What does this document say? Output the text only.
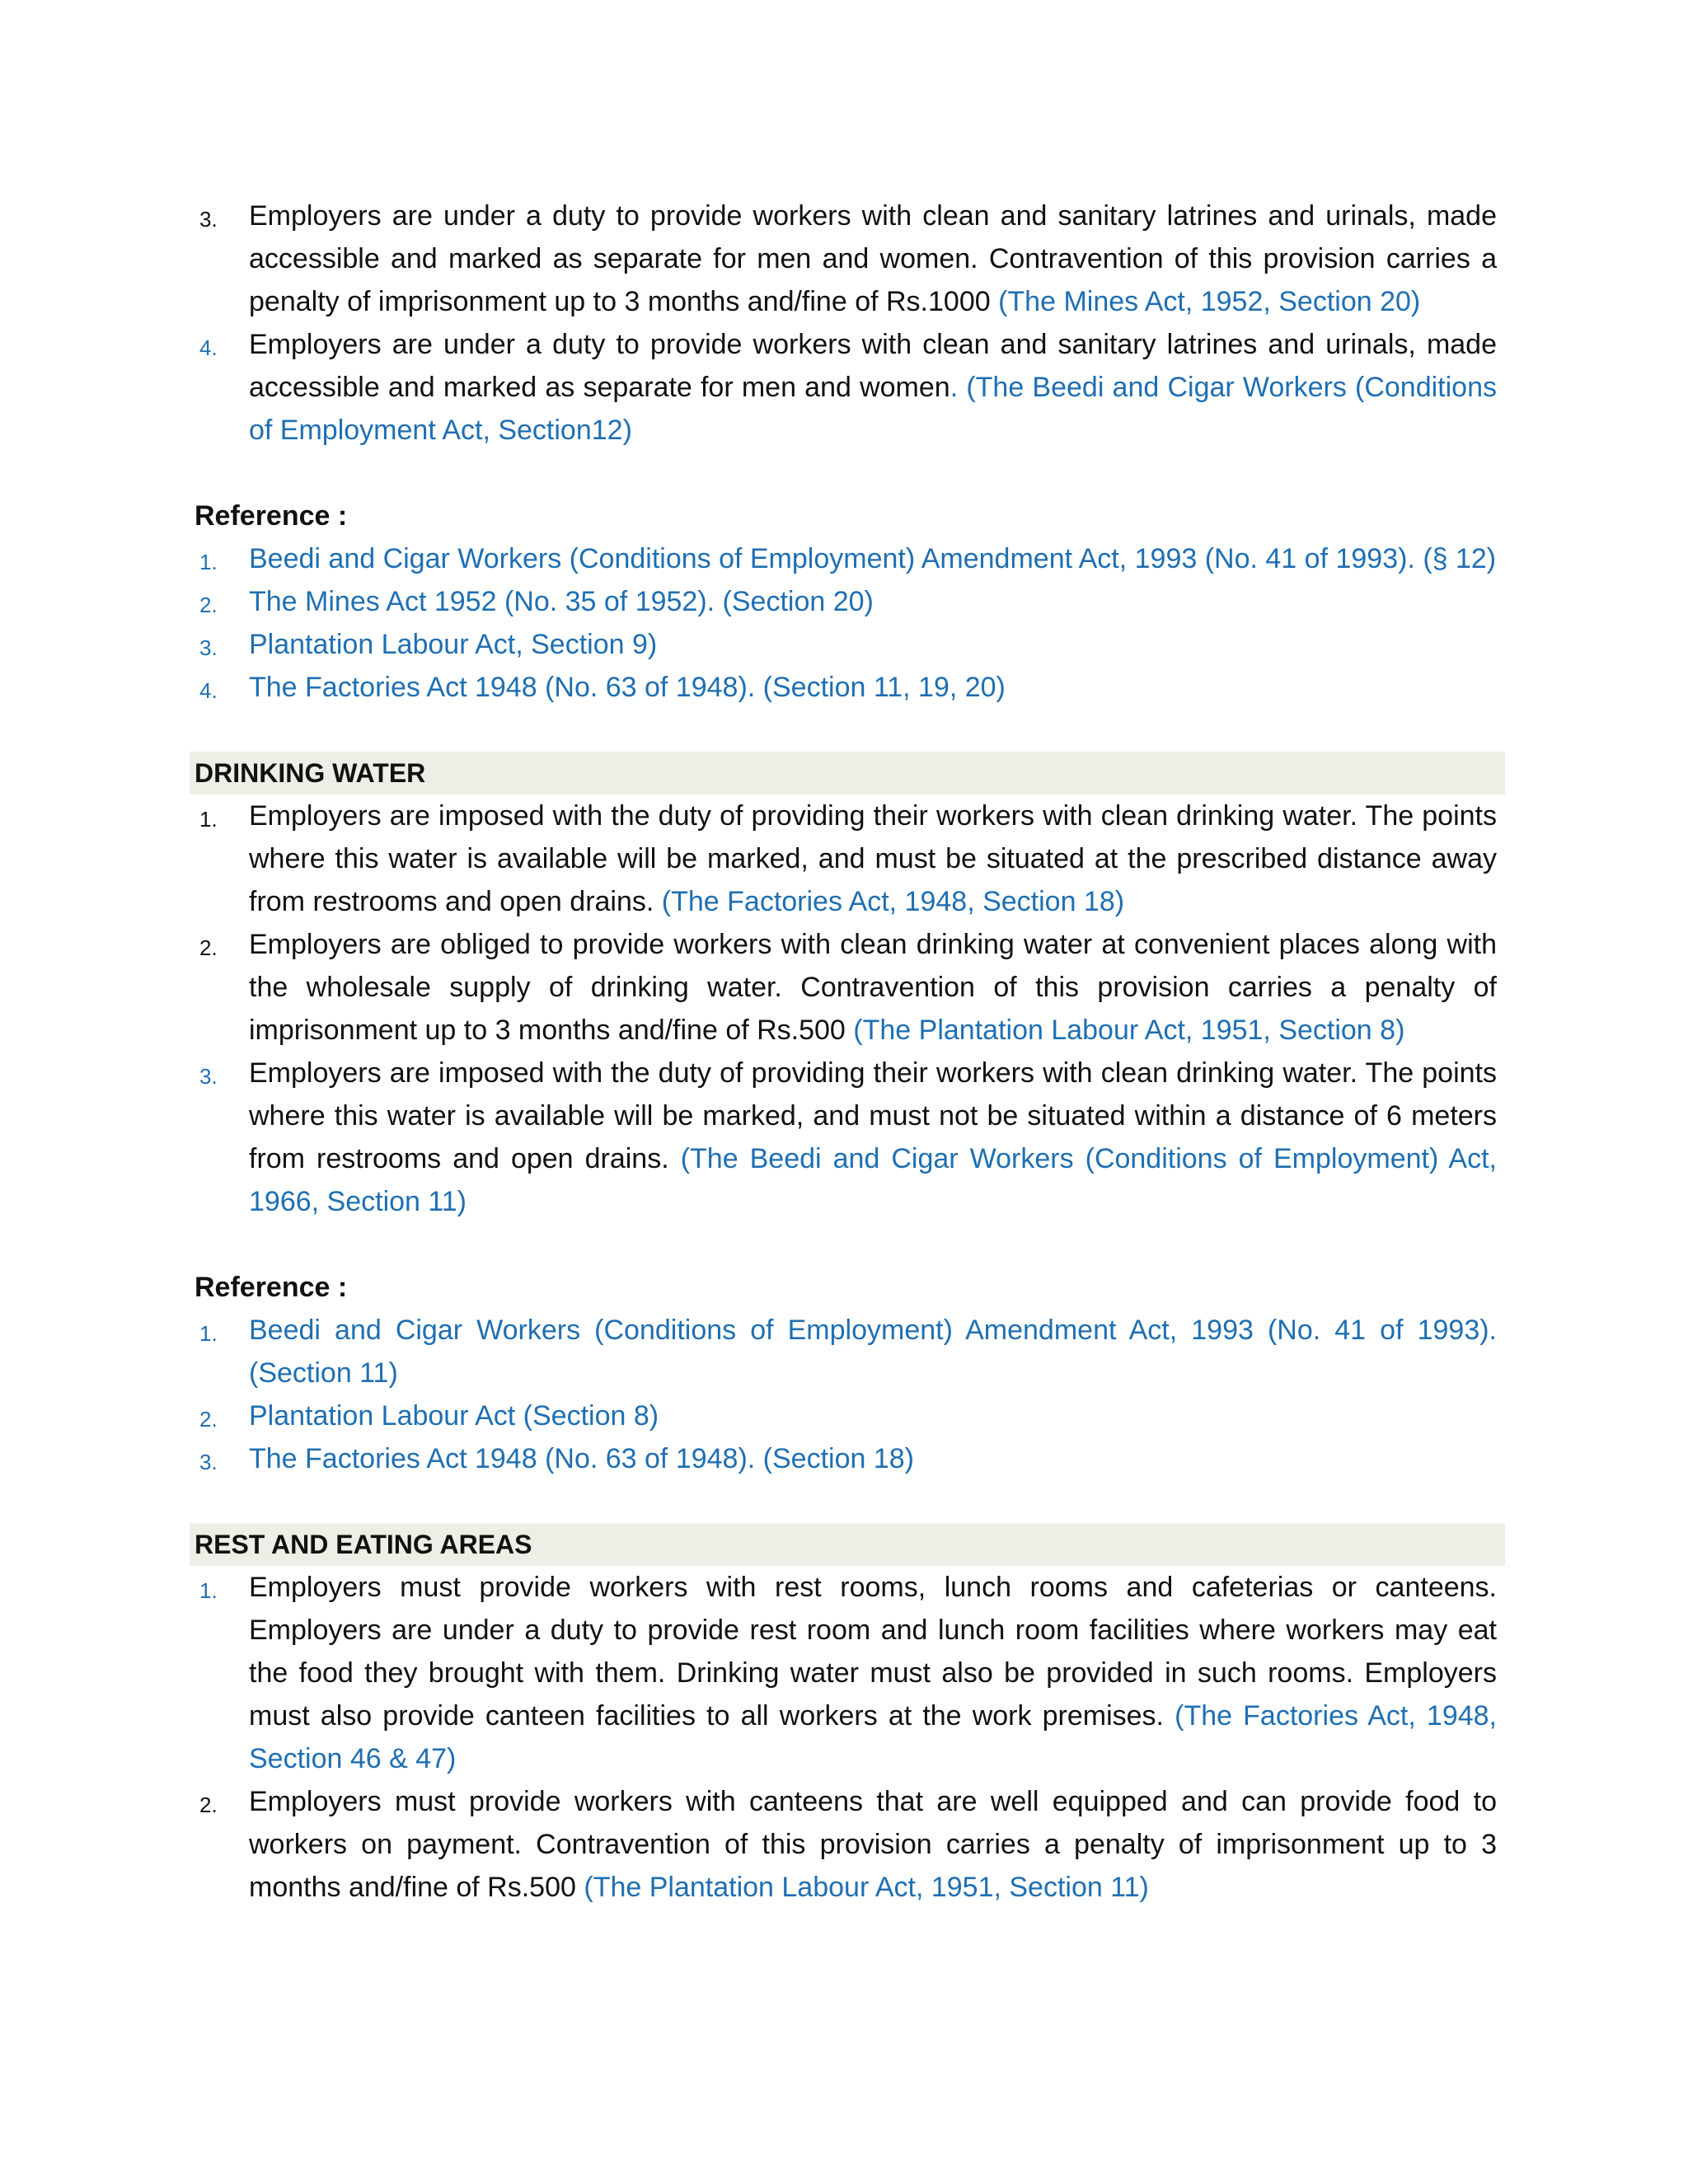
3. Employers are under a duty to provide workers with clean and sanitary latrines and urinals, made accessible and marked as separate for men and women. Contravention of this provision carries a penalty of imprisonment up to 3 months and/fine of Rs.1000 (The Mines Act, 1952, Section 20)
4. Employers are under a duty to provide workers with clean and sanitary latrines and urinals, made accessible and marked as separate for men and women. (The Beedi and Cigar Workers (Conditions of Employment Act, Section12)
Reference :
1. Beedi and Cigar Workers (Conditions of Employment) Amendment Act, 1993 (No. 41 of 1993). (§ 12)
2. The Mines Act 1952 (No. 35 of 1952). (Section 20)
3. Plantation Labour Act, Section 9)
4. The Factories Act 1948 (No. 63 of 1948). (Section 11, 19, 20)
DRINKING WATER
1. Employers are imposed with the duty of providing their workers with clean drinking water. The points where this water is available will be marked, and must be situated at the prescribed distance away from restrooms and open drains. (The Factories Act, 1948, Section 18)
2. Employers are obliged to provide workers with clean drinking water at convenient places along with the wholesale supply of drinking water. Contravention of this provision carries a penalty of imprisonment up to 3 months and/fine of Rs.500 (The Plantation Labour Act, 1951, Section 8)
3. Employers are imposed with the duty of providing their workers with clean drinking water. The points where this water is available will be marked, and must not be situated within a distance of 6 meters from restrooms and open drains. (The Beedi and Cigar Workers (Conditions of Employment) Act, 1966, Section 11)
Reference :
1. Beedi and Cigar Workers (Conditions of Employment) Amendment Act, 1993 (No. 41 of 1993). (Section 11)
2. Plantation Labour Act (Section 8)
3. The Factories Act 1948 (No. 63 of 1948). (Section 18)
REST AND EATING AREAS
1. Employers must provide workers with rest rooms, lunch rooms and cafeterias or canteens. Employers are under a duty to provide rest room and lunch room facilities where workers may eat the food they brought with them. Drinking water must also be provided in such rooms. Employers must also provide canteen facilities to all workers at the work premises. (The Factories Act, 1948, Section 46 & 47)
2. Employers must provide workers with canteens that are well equipped and can provide food to workers on payment. Contravention of this provision carries a penalty of imprisonment up to 3 months and/fine of Rs.500 (The Plantation Labour Act, 1951, Section 11)
